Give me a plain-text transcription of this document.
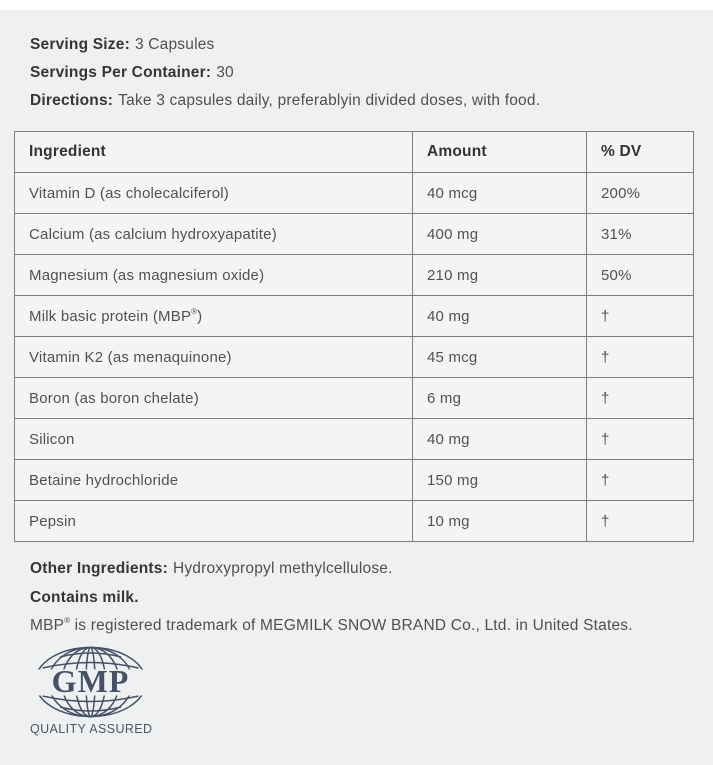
Serving Size: 3 Capsules
Servings Per Container: 30
Directions: Take 3 capsules daily, preferablyin divided doses, with food.
Ingredient	Amount	% DV
Vitamin D (as cholecalciferol)	40 mcg	200%
Calcium (as calcium hydroxyapatite)	400 mg	31%
Magnesium (as magnesium oxide)	210 mg	50%
Milk basic protein (MBP®)	40 mg	†
Vitamin K2 (as menaquinone)	45 mcg	†
Boron (as boron chelate)	6 mg	†
Silicon	40 mg	†
Betaine hydrochloride	150 mg	†
Pepsin	10 mg	†
Other Ingredients: Hydroxypropyl methylcellulose.
Contains milk.
MBP® is registered trademark of MEGMILK SNOW BRAND Co., Ltd. in United States.
GMP
QUALITY ASSURED
